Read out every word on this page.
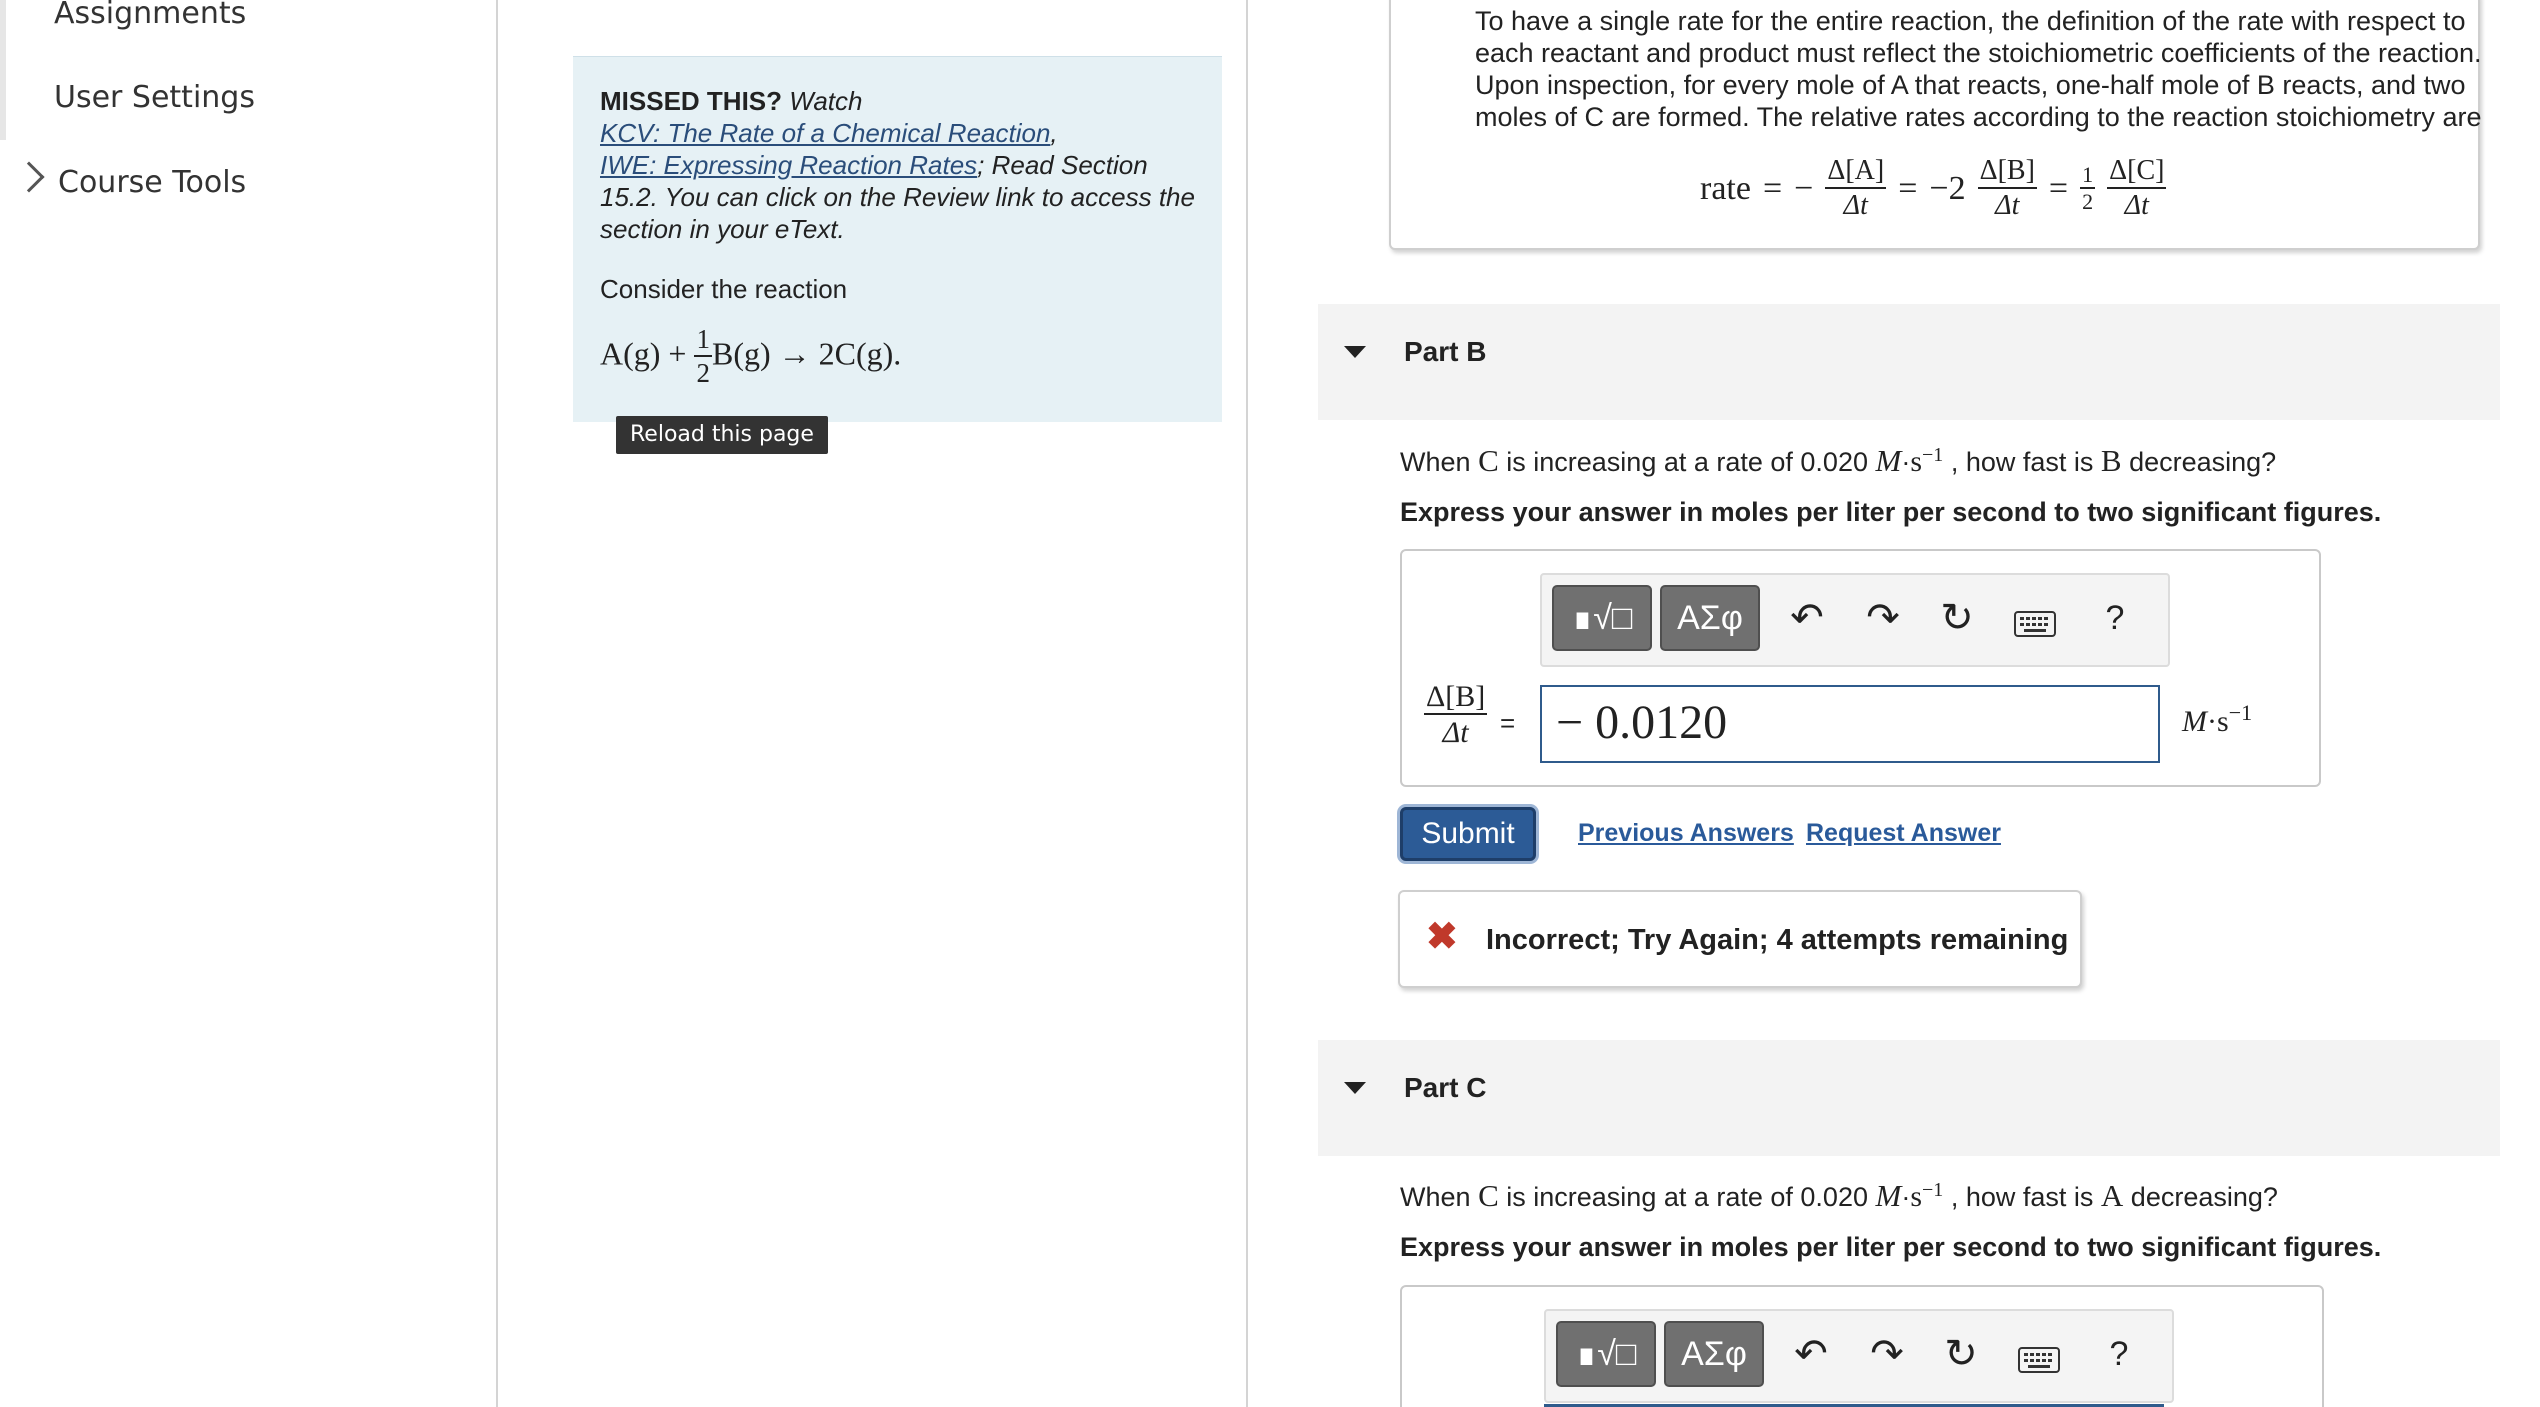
Assignments
User Settings
Course Tools
MISSED THIS? Watch
KCV: The Rate of a Chemical Reaction,
IWE: Expressing Reaction Rates; Read Section
15.2. You can click on the Review link to access the
section in your eText.
Consider the reaction
$A(g) + \frac{1}{2} B(g) \to 2C(g)$.
Reload this page
To have a single rate for the entire reaction, the definition of the rate with respect to
each reactant and product must reflect the stoichiometric coefficients of the reaction.
Upon inspection, for every mole of A that reacts, one-half mole of B reacts, and two
moles of C are formed. The relative rates according to the reaction stoichiometry are
rate = − $\frac{\Delta[A]}{\Delta t} = -2 \frac{\Delta[B]}{\Delta t} = \frac{1}{2} \frac{\Delta[C]}{\Delta t}$
Part B
When C is increasing at a rate of 0.020 $M\cdot s^{-1}$ , how fast is B decreasing?
Express your answer in moles per liter per second to two significant figures.
∎√□	ΑΣφ	↶ ↷ ↻	?
$\frac{\Delta[B]}{\Delta t}$ = − 0.0120	$M\cdot s^{-1}$
Submit	Previous Answers Request Answer
✖ Incorrect; Try Again; 4 attempts remaining
Part C
When C is increasing at a rate of 0.020 $M\cdot s^{-1}$ , how fast is A decreasing?
Express your answer in moles per liter per second to two significant figures.
∎√□	ΑΣφ	↶ ↷ ↻	?
